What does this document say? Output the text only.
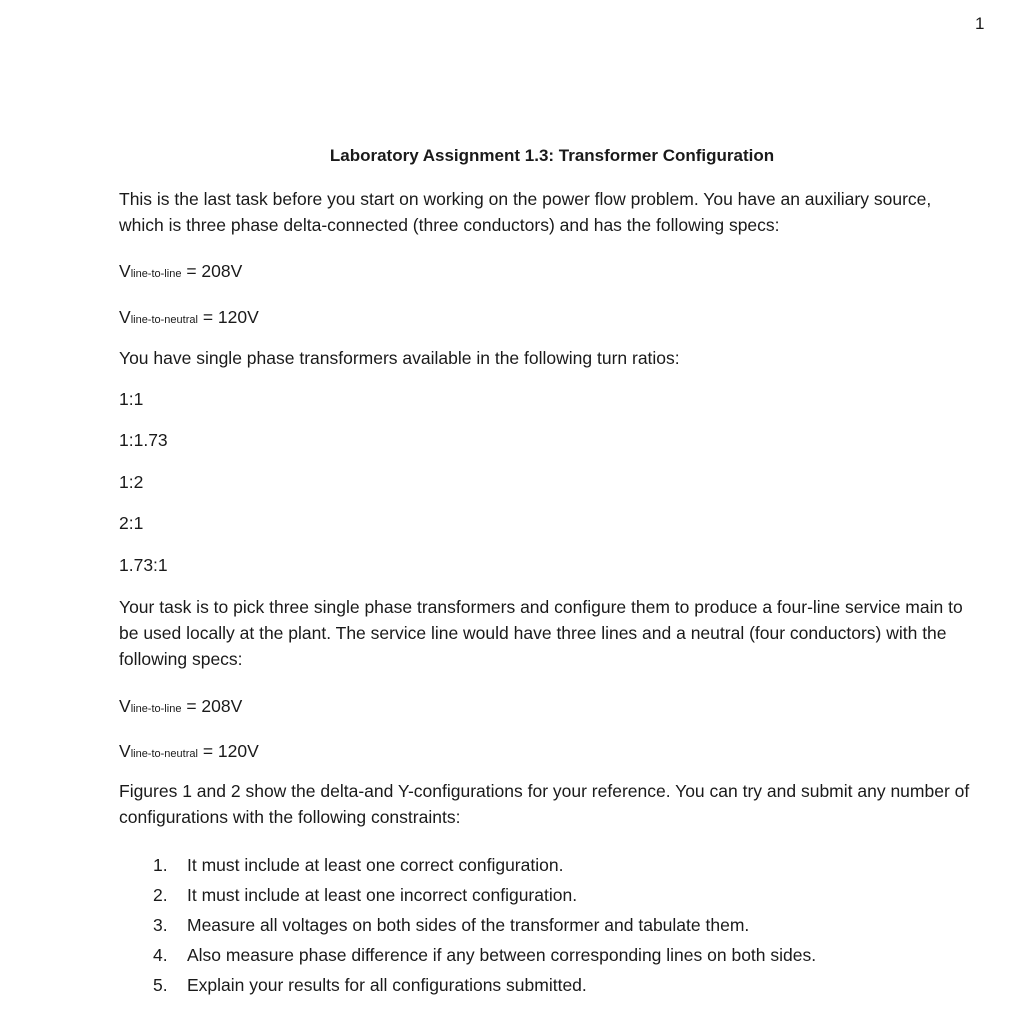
1
Laboratory Assignment 1.3: Transformer Configuration

This is the last task before you start on working on the power flow problem. You have an auxiliary source, which is three phase delta-connected (three conductors) and has the following specs:

Vline-to-line = 208V
Vline-to-neutral = 120V

You have single phase transformers available in the following turn ratios:

1:1
1:1.73
1:2
2:1
1.73:1

Your task is to pick three single phase transformers and configure them to produce a four-line service main to be used locally at the plant. The service line would have three lines and a neutral (four conductors) with the following specs:

Vline-to-line = 208V
Vline-to-neutral = 120V

Figures 1 and 2 show the delta-and Y-configurations for your reference. You can try and submit any number of configurations with the following constraints:

1.	It must include at least one correct configuration.
2.	It must include at least one incorrect configuration.
3.	Measure all voltages on both sides of the transformer and tabulate them.
4.	Also measure phase difference if any between corresponding lines on both sides.
5.	Explain your results for all configurations submitted.
